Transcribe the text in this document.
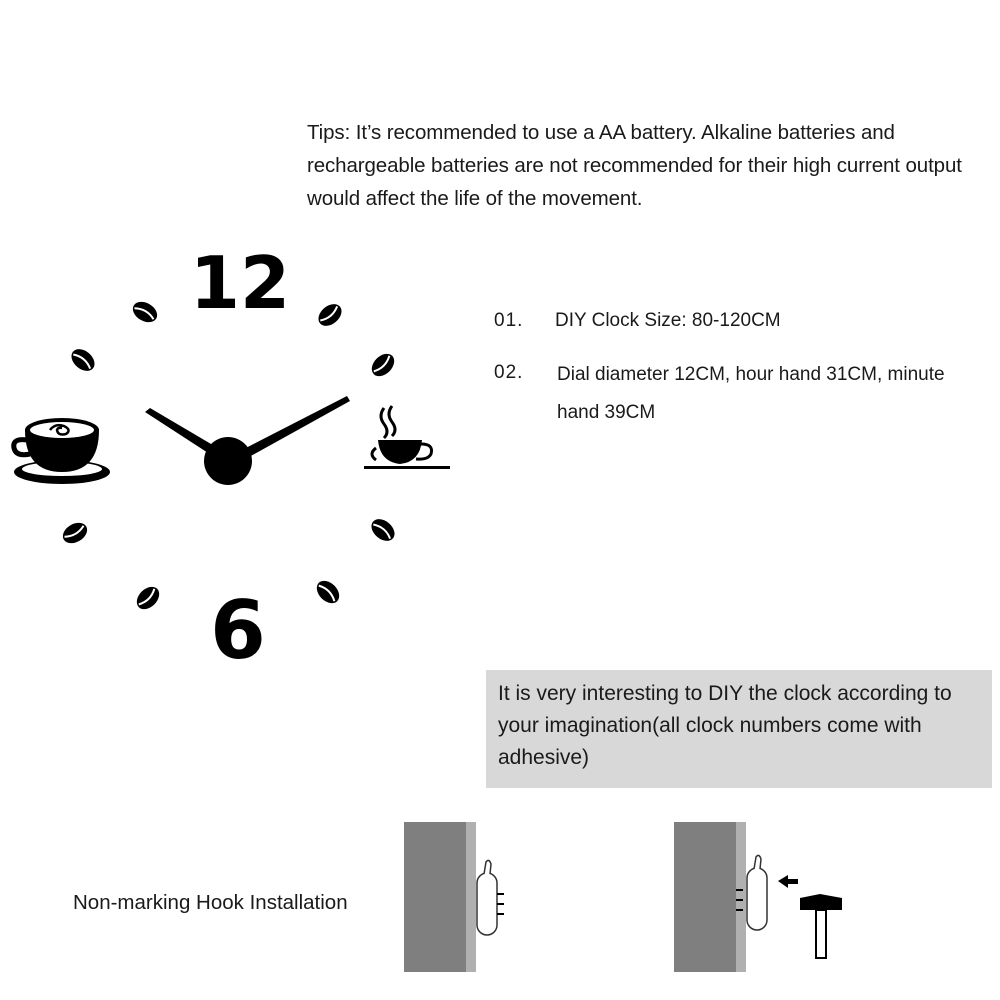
Tips: It’s recommended to use a AA battery. Alkaline batteries and rechargeable batteries are not recommended for their high current output would affect the life of the movement.
01. DIY Clock Size: 80-120CM
02. Dial diameter 12CM, hour hand 31CM, minute hand 39CM
12
6
It is very interesting to DIY the clock according to your imagination(all clock numbers come with adhesive)
Non-marking Hook Installation
